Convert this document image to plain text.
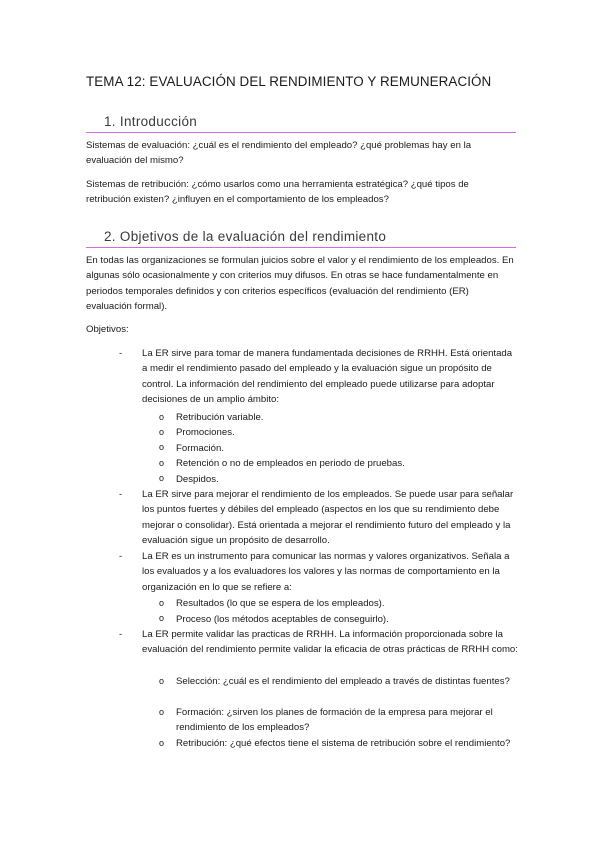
TEMA 12: EVALUACIÓN DEL RENDIMIENTO Y REMUNERACIÓN
1. Introducción

Sistemas de evaluación: ¿cuál es el rendimiento del empleado? ¿qué problemas hay en la evaluación del mismo?

Sistemas de retribución: ¿cómo usarlos como una herramienta estratégica? ¿qué tipos de retribución existen? ¿influyen en el comportamiento de los empleados?

2. Objetivos de la evaluación del rendimiento

En todas las organizaciones se formulan juicios sobre el valor y el rendimiento de los empleados. En algunas sólo ocasionalmente y con criterios muy difusos. En otras se hace fundamentalmente en periodos temporales definidos y con criterios específicos (evaluación del rendimiento (ER) evaluación formal).

Objetivos:

- La ER sirve para tomar de manera fundamentada decisiones de RRHH. Está orientada a medir el rendimiento pasado del empleado y la evaluación sigue un propósito de control. La información del rendimiento del empleado puede utilizarse para adoptar decisiones de un amplio ámbito:

o Retribución variable.

o Promociones.

o Formación.

o Retención o no de empleados en periodo de pruebas.

o Despidos.

- La ER sirve para mejorar el rendimiento de los empleados. Se puede usar para señalar los puntos fuertes y débiles del empleado (aspectos en los que su rendimiento debe mejorar o consolidar). Está orientada a mejorar el rendimiento futuro del empleado y la evaluación sigue un propósito de desarrollo.

- La ER es un instrumento para comunicar las normas y valores organizativos. Señala a los evaluados y a los evaluadores los valores y las normas de comportamiento en la organización en lo que se refiere a:

o Resultados (lo que se espera de los empleados).

o Proceso (los métodos aceptables de conseguirlo).

- La ER permite validar las practicas de RRHH. La información proporcionada sobre la evaluación del rendimiento permite validar la eficacia de otras prácticas de RRHH como:

o Selección: ¿cuál es el rendimiento del empleado a través de distintas fuentes?

o Formación: ¿sirven los planes de formación de la empresa para mejorar el rendimiento de los empleados?

o Retribución: ¿qué efectos tiene el sistema de retribución sobre el rendimiento?
